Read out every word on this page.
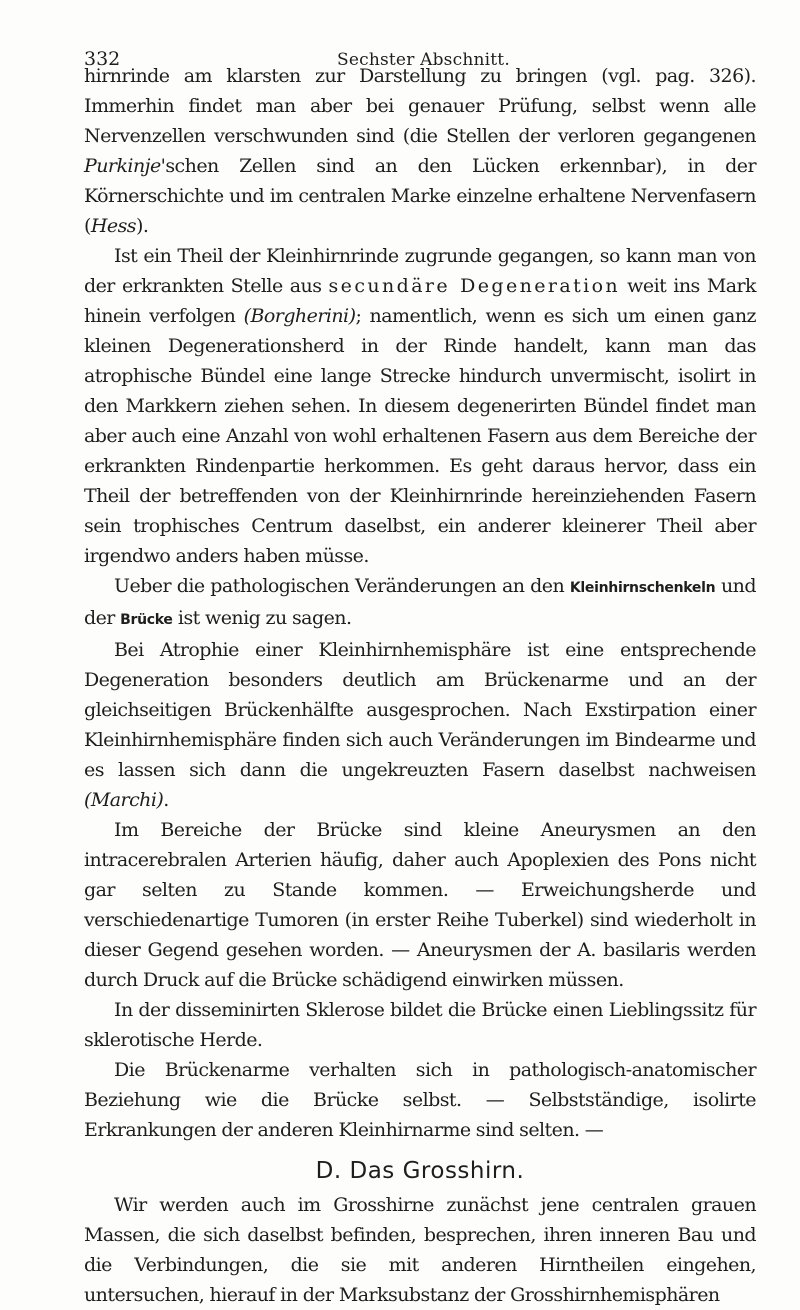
332	Sechster Abschnitt.

hirnrinde am klarsten zur Darstellung zu bringen (vgl. pag. 326). Immerhin findet man aber bei genauer Prüfung, selbst wenn alle Nervenzellen verschwunden sind (die Stellen der verloren gegangenen Purkinje'schen Zellen sind an den Lücken erkennbar), in der Körnerschichte und im centralen Marke einzelne erhaltene Nervenfasern (Hess).

Ist ein Theil der Kleinhirnrinde zugrunde gegangen, so kann man von der erkrankten Stelle aus secundäre Degeneration weit ins Mark hinein verfolgen (Borgherini); namentlich, wenn es sich um einen ganz kleinen Degenerationsherd in der Rinde handelt, kann man das atrophische Bündel eine lange Strecke hindurch unvermischt, isolirt in den Markkern ziehen sehen. In diesem degenerirten Bündel findet man aber auch eine Anzahl von wohl erhaltenen Fasern aus dem Bereiche der erkrankten Rindenpartie herkommen. Es geht daraus hervor, dass ein Theil der betreffenden von der Kleinhirnrinde hereinziehenden Fasern sein trophisches Centrum daselbst, ein anderer kleinerer Theil aber irgendwo anders haben müsse.

Ueber die pathologischen Veränderungen an den Kleinhirnschenkeln und der Brücke ist wenig zu sagen.

Bei Atrophie einer Kleinhirnhemisphäre ist eine entsprechende Degeneration besonders deutlich am Brückenarme und an der gleichseitigen Brückenhälfte ausgesprochen. Nach Exstirpation einer Kleinhirnhemisphäre finden sich auch Veränderungen im Bindearme und es lassen sich dann die ungekreuzten Fasern daselbst nachweisen (Marchi).

Im Bereiche der Brücke sind kleine Aneurysmen an den intracerebralen Arterien häufig, daher auch Apoplexien des Pons nicht gar selten zu Stande kommen. — Erweichungsherde und verschiedenartige Tumoren (in erster Reihe Tuberkel) sind wiederholt in dieser Gegend gesehen worden. — Aneurysmen der A. basilaris werden durch Druck auf die Brücke schädigend einwirken müssen.

In der disseminirten Sklerose bildet die Brücke einen Lieblingssitz für sklerotische Herde.

Die Brückenarme verhalten sich in pathologisch-anatomischer Beziehung wie die Brücke selbst. — Selbstständige, isolirte Erkrankungen der anderen Kleinhirnarme sind selten. —

D. Das Grosshirn.

Wir werden auch im Grosshirne zunächst jene centralen grauen Massen, die sich daselbst befinden, besprechen, ihren inneren Bau und die Verbindungen, die sie mit anderen Hirntheilen eingehen, untersuchen, hierauf in der Marksubstanz der Grosshirnhemisphären
